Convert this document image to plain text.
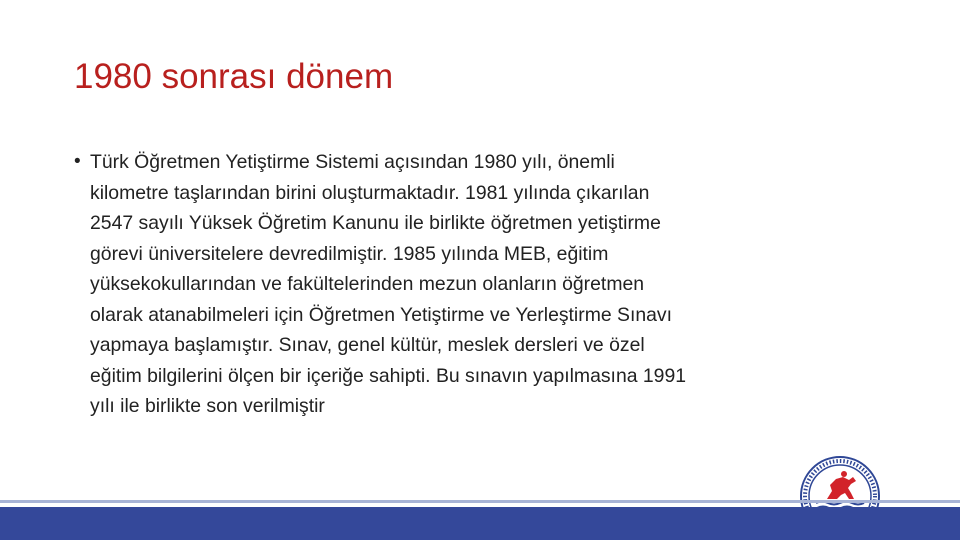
1980 sonrası dönem
• Türk Öğretmen Yetiştirme Sistemi açısından 1980 yılı, önemli
kilometre taşlarından birini oluşturmaktadır. 1981 yılında çıkarılan
2547 sayılı Yüksek Öğretim Kanunu ile birlikte öğretmen yetiştirme
görevi üniversitelere devredilmiştir. 1985 yılında MEB, eğitim
yüksekokullarından ve fakültelerinden mezun olanların öğretmen
olarak atanabilmeleri için Öğretmen Yetiştirme ve Yerleştirme Sınavı
yapmaya başlamıştır. Sınav, genel kültür, meslek dersleri ve özel
eğitim bilgilerini ölçen bir içeriğe sahipti. Bu sınavın yapılmasına 1991
yılı ile birlikte son verilmiştir
